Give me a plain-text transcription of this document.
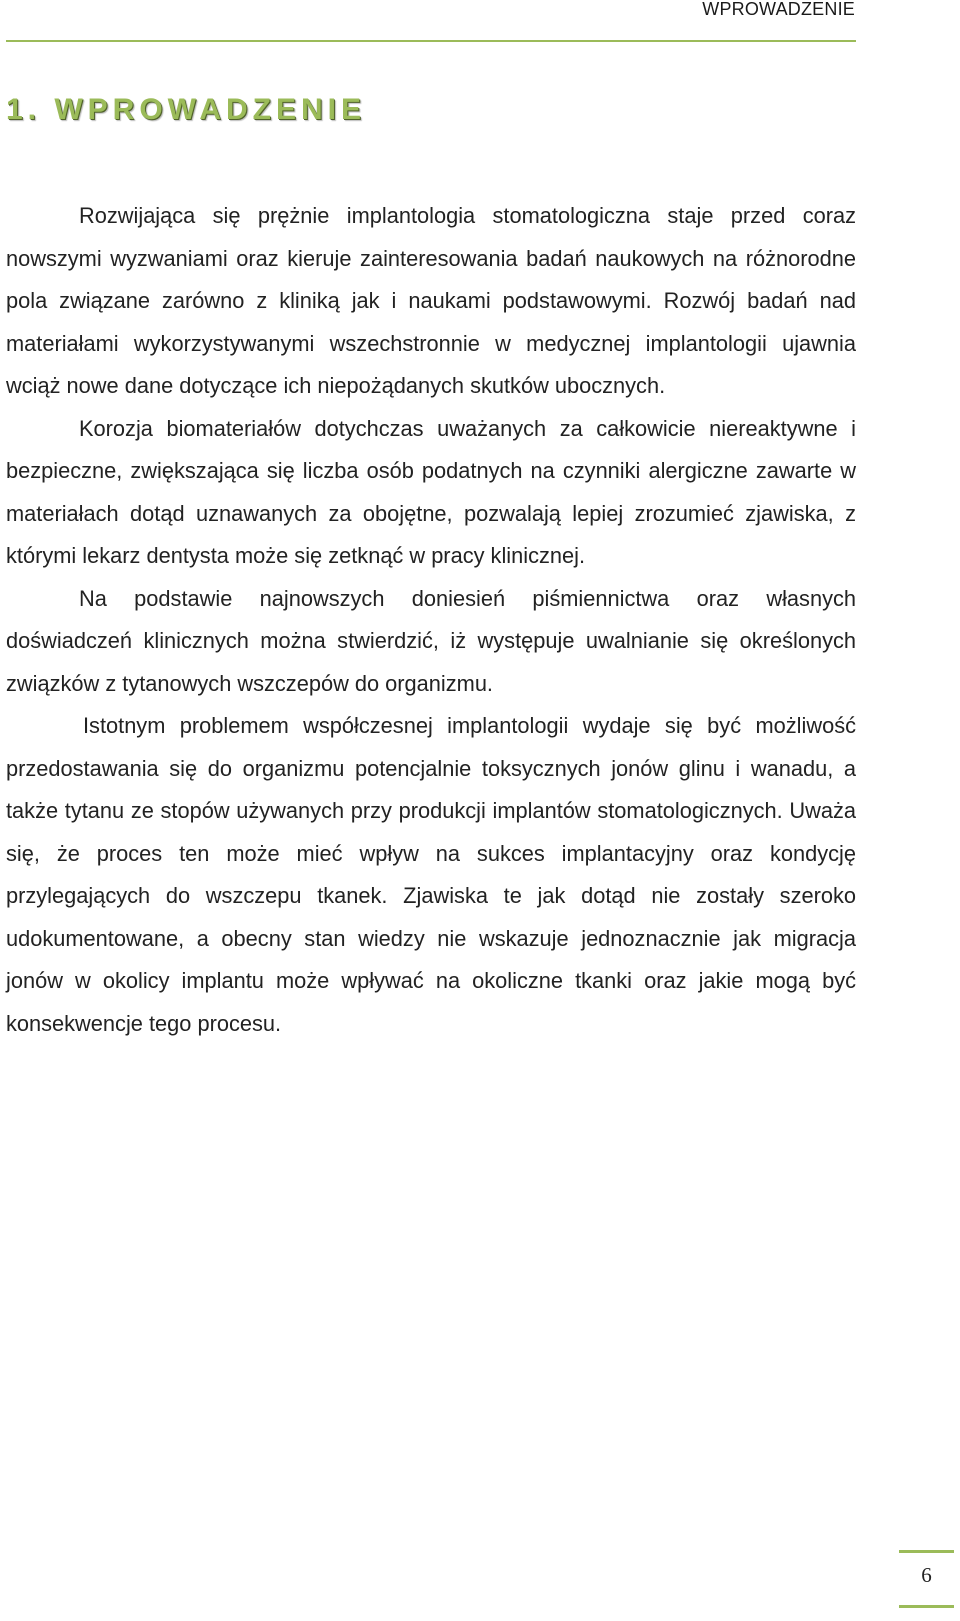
WPROWADZENIE
1. WPROWADZENIE

Rozwijająca się prężnie implantologia stomatologiczna staje przed coraz nowszymi wyzwaniami oraz kieruje zainteresowania badań naukowych na różnorodne pola związane zarówno z kliniką jak i naukami podstawowymi. Rozwój badań nad materiałami wykorzystywanymi wszechstronnie w medycznej implantologii ujawnia wciąż nowe dane dotyczące ich niepożądanych skutków ubocznych.

Korozja biomateriałów dotychczas uważanych za całkowicie niereaktywne i bezpieczne, zwiększająca się liczba osób podatnych na czynniki alergiczne zawarte w materiałach dotąd uznawanych za obojętne, pozwalają lepiej zrozumieć zjawiska, z którymi lekarz dentysta może się zetknąć w pracy klinicznej.

Na podstawie najnowszych doniesień piśmiennictwa oraz własnych doświadczeń klinicznych można stwierdzić, iż występuje uwalnianie się określonych związków z tytanowych wszczepów do organizmu.

Istotnym problemem współczesnej implantologii wydaje się być możliwość przedostawania się do organizmu potencjalnie toksycznych jonów glinu i wanadu, a także tytanu ze stopów używanych przy produkcji implantów stomatologicznych. Uważa się, że proces ten może mieć wpływ na sukces implantacyjny oraz kondycję przylegających do wszczepu tkanek. Zjawiska te jak dotąd nie zostały szeroko udokumentowane, a obecny stan wiedzy nie wskazuje jednoznacznie jak migracja jonów w okolicy implantu może wpływać na okoliczne tkanki oraz jakie mogą być konsekwencje tego procesu.

6
